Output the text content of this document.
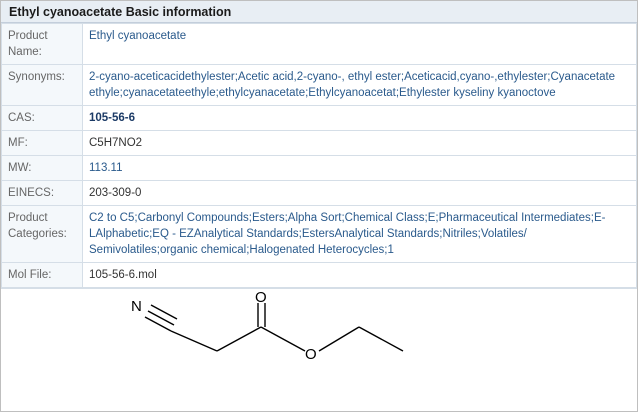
Ethyl cyanoacetate Basic information
Product Name:	Ethyl cyanoacetate
Synonyms:	2-cyano-aceticacidethylester;Acetic acid,2-cyano-, ethyl ester;Aceticacid,cyano-,ethylester;Cyanacetate ethyle;cyanacetateethyle;ethylcyanacetate;Ethylcyanoacetat;Ethylester kyseliny kyanoctove
CAS:	105-56-6
MF:	C5H7NO2
MW:	113.11
EINECS:	203-309-0
Product Categories:	C2 to C5;Carbonyl Compounds;Esters;Alpha Sort;Chemical Class;E;Pharmaceutical Intermediates;E-LAlphabetic;EQ - EZAnalytical Standards;EstersAnalytical Standards;Nitriles;Volatiles/ Semivolatiles;organic chemical;Halogenated Heterocycles;1
Mol File:	105-56-6.mol
N
O
O
